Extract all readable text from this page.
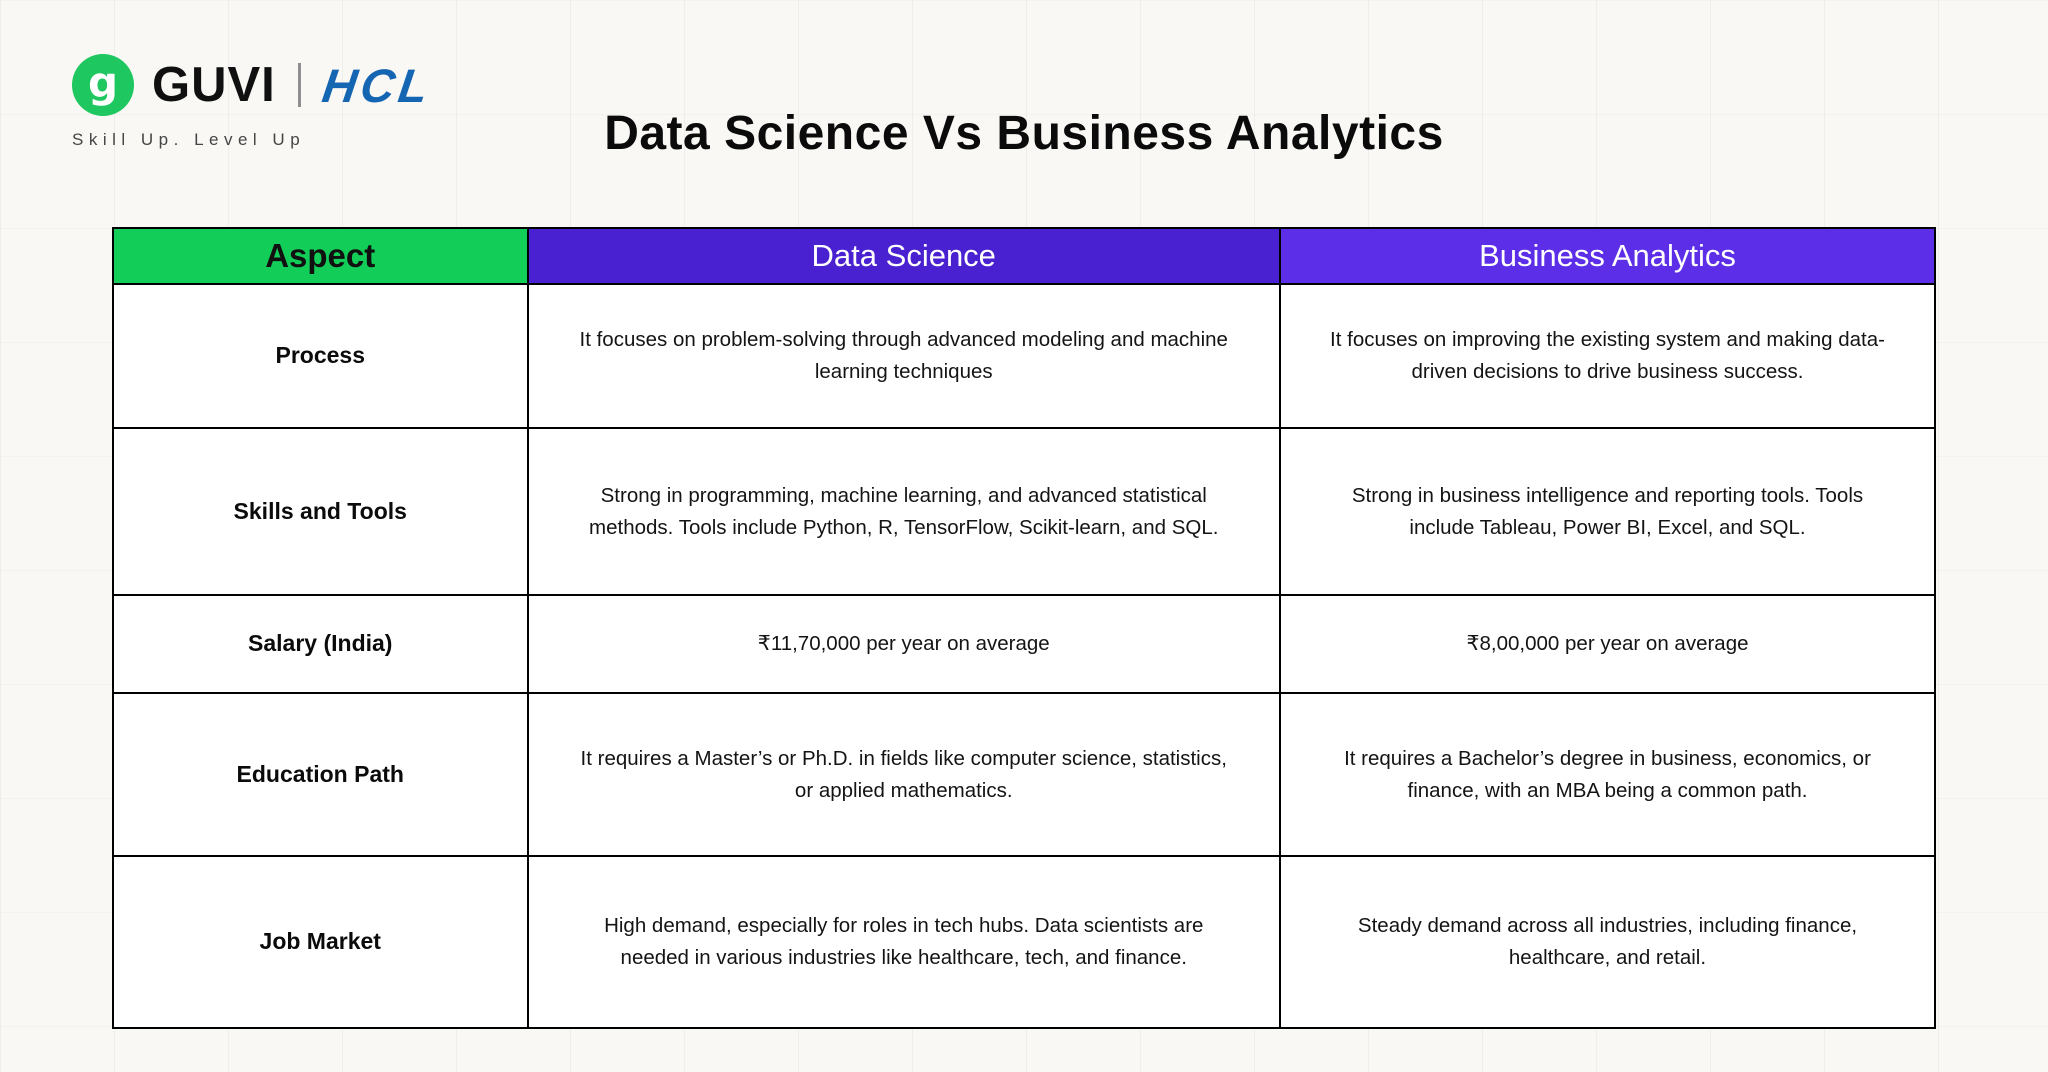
g GUVI HCL
Skill Up. Level Up	Data Science Vs Business Analytics
Aspect	Data Science	Business Analytics
Process	It focuses on problem-solving through advanced modeling and machine learning techniques	It focuses on improving the existing system and making data-driven decisions to drive business success.
Skills and Tools	Strong in programming, machine learning, and advanced statistical methods. Tools include Python, R, TensorFlow, Scikit-learn, and SQL.	Strong in business intelligence and reporting tools. Tools include Tableau, Power BI, Excel, and SQL.
Salary (India)	₹11,70,000 per year on average	₹8,00,000 per year on average
Education Path	It requires a Master’s or Ph.D. in fields like computer science, statistics, or applied mathematics.	It requires a Bachelor’s degree in business, economics, or finance, with an MBA being a common path.
Job Market	High demand, especially for roles in tech hubs. Data scientists are needed in various industries like healthcare, tech, and finance.	Steady demand across all industries, including finance, healthcare, and retail.
